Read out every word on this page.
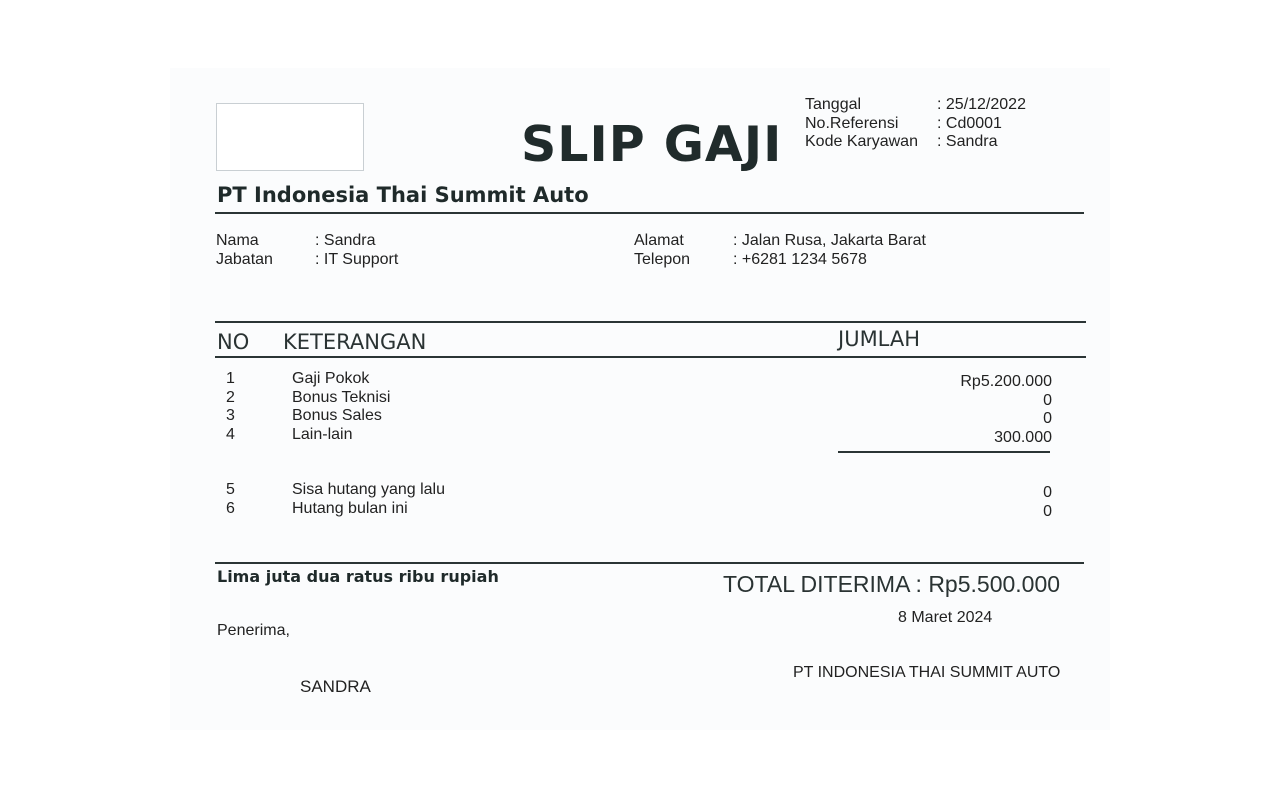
SLIP GAJI
Tanggal	: 25/12/2022
No.Referensi : Cd0001
Kode Karyawan : Sandra
PT Indonesia Thai Summit Auto
Nama	: Sandra
Jabatan	: IT Support
Alamat	: Jalan Rusa, Jakarta Barat
Telepon	: +6281 1234 5678
NO KETERANGAN	JUMLAH
1	Gaji Pokok	Rp5.200.000
2	Bonus Teknisi	0
3	Bonus Sales	0
4	Lain-lain	300.000
5	Sisa hutang yang lalu	0
6	Hutang bulan ini	0
Lima juta dua ratus ribu rupiah	TOTAL DITERIMA : Rp5.500.000
8 Maret 2024
Penerima,
SANDRA
PT INDONESIA THAI SUMMIT AUTO
